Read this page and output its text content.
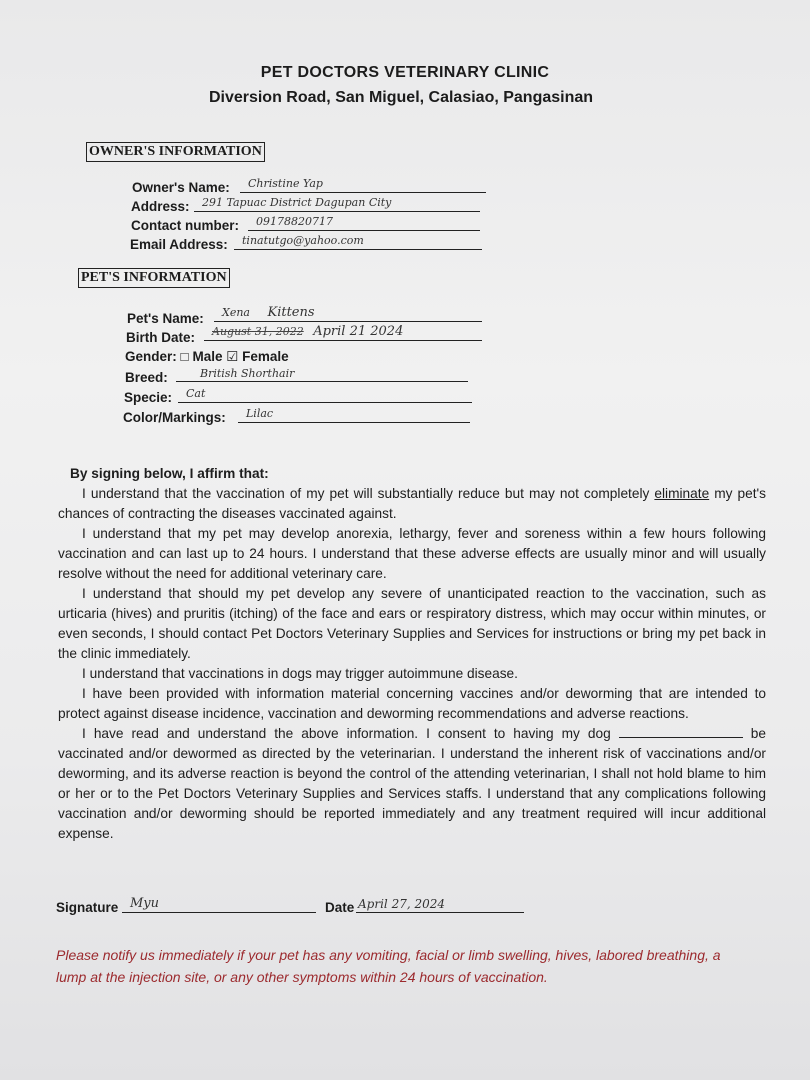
PET DOCTORS VETERINARY CLINIC
Diversion Road, San Miguel, Calasiao, Pangasinan
OWNER'S INFORMATION
Owner's Name:	Christine Yap
Address:	291 Tapuac District Dagupan City
Contact number:	09178820717
Email Address:	tinatutgo@yahoo.com
PET'S INFORMATION
Pet's Name:	Xena Kittens
Birth Date:	August 31, 2022 April 21 2024
Gender: □ Male ☑ Female
Breed:	British Shorthair
Specie:	Cat
Color/Markings:	Lilac

By signing below, I affirm that:

I understand that the vaccination of my pet will substantially reduce but may not completely eliminate my pet's chances of contracting the diseases vaccinated against.

I understand that my pet may develop anorexia, lethargy, fever and soreness within a few hours following vaccination and can last up to 24 hours. I understand that these adverse effects are usually minor and will usually resolve without the need for additional veterinary care.

I understand that should my pet develop any severe of unanticipated reaction to the vaccination, such as urticaria (hives) and pruritis (itching) of the face and ears or respiratory distress, which may occur within minutes, or even seconds, I should contact Pet Doctors Veterinary Supplies and Services for instructions or bring my pet back in the clinic immediately.

I understand that vaccinations in dogs may trigger autoimmune disease.

I have been provided with information material concerning vaccines and/or deworming that are intended to protect against disease incidence, vaccination and deworming recommendations and adverse reactions.

I have read and understand the above information. I consent to having my dog	be vaccinated and/or dewormed as directed by the veterinarian. I understand the inherent risk of vaccinations and/or deworming, and its adverse reaction is beyond the control of the attending veterinarian, I shall not hold blame to him or her or to the Pet Doctors Veterinary Supplies and Services staffs. I understand that any complications following vaccination and/or deworming should be reported immediately and any treatment required will incur additional expense.

Signature Myu	Date April 27, 2024
Please notify us immediately if your pet has any vomiting, facial or limb swelling, hives, labored breathing, a lump at the injection site, or any other symptoms within 24 hours of vaccination.
